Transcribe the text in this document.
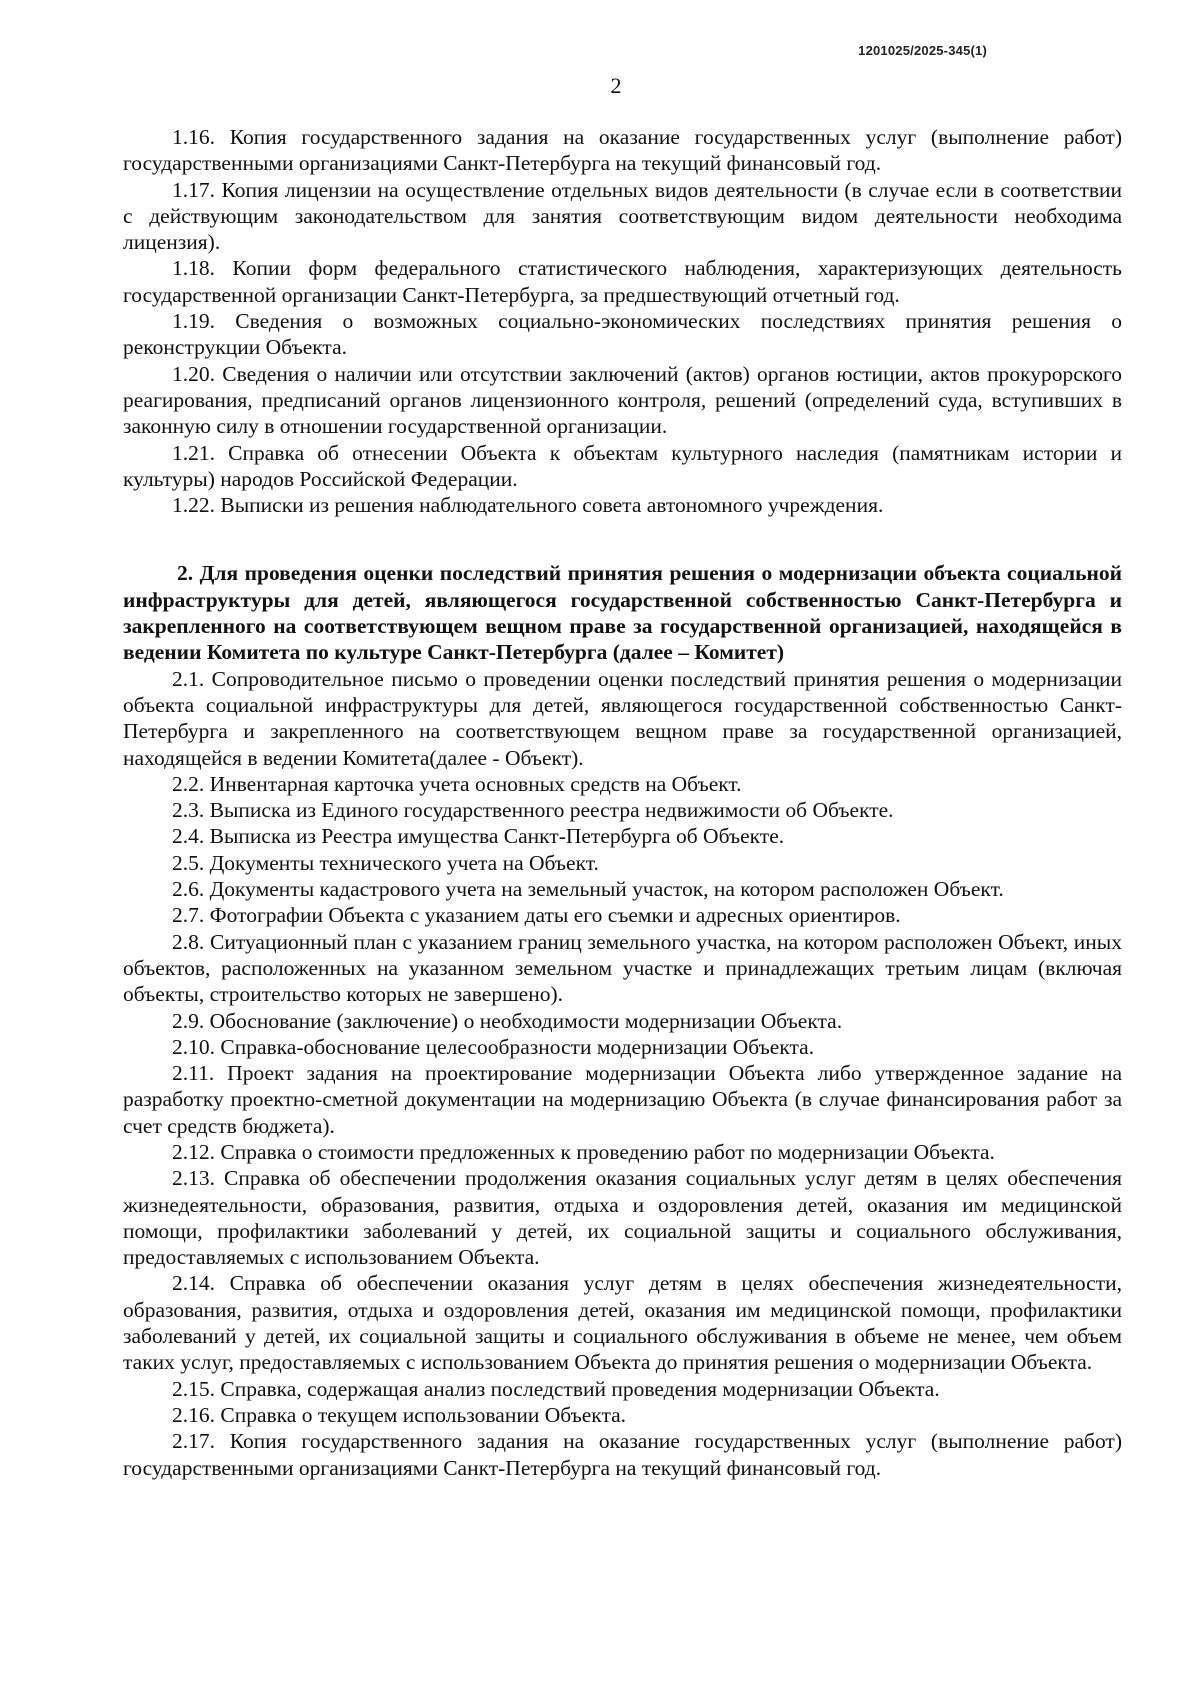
1201025/2025-345(1)
2

1.16. Копия государственного задания на оказание государственных услуг (выполнение работ) государственными организациями Санкт-Петербурга на текущий финансовый год.

1.17. Копия лицензии на осуществление отдельных видов деятельности (в случае если в соответствии с действующим законодательством для занятия соответствующим видом деятельности необходима лицензия).

1.18. Копии форм федерального статистического наблюдения, характеризующих деятельность государственной организации Санкт-Петербурга, за предшествующий отчетный год.

1.19. Сведения о возможных социально-экономических последствиях принятия решения о реконструкции Объекта.

1.20. Сведения о наличии или отсутствии заключений (актов) органов юстиции, актов прокурорского реагирования, предписаний органов лицензионного контроля, решений (определений суда, вступивших в законную силу в отношении государственной организации.

1.21. Справка об отнесении Объекта к объектам культурного наследия (памятникам истории и культуры) народов Российской Федерации.

1.22. Выписки из решения наблюдательного совета автономного учреждения.

2. Для проведения оценки последствий принятия решения о модернизации объекта социальной инфраструктуры для детей, являющегося государственной собственностью Санкт-Петербурга и закрепленного на соответствующем вещном праве за государственной организацией, находящейся в ведении Комитета по культуре Санкт-Петербурга (далее – Комитет)

2.1. Сопроводительное письмо о проведении оценки последствий принятия решения о модернизации объекта социальной инфраструктуры для детей, являющегося государственной собственностью Санкт-Петербурга и закрепленного на соответствующем вещном праве за государственной организацией, находящейся в ведении Комитета(далее - Объект).

2.2. Инвентарная карточка учета основных средств на Объект.

2.3. Выписка из Единого государственного реестра недвижимости об Объекте.

2.4. Выписка из Реестра имущества Санкт-Петербурга об Объекте.

2.5. Документы технического учета на Объект.

2.6. Документы кадастрового учета на земельный участок, на котором расположен Объект.

2.7. Фотографии Объекта с указанием даты его съемки и адресных ориентиров.

2.8. Ситуационный план с указанием границ земельного участка, на котором расположен Объект, иных объектов, расположенных на указанном земельном участке и принадлежащих третьим лицам (включая объекты, строительство которых не завершено).

2.9. Обоснование (заключение) о необходимости модернизации Объекта.

2.10. Справка-обоснование целесообразности модернизации Объекта.

2.11. Проект задания на проектирование модернизации Объекта либо утвержденное задание на разработку проектно-сметной документации на модернизацию Объекта (в случае финансирования работ за счет средств бюджета).

2.12. Справка о стоимости предложенных к проведению работ по модернизации Объекта.

2.13. Справка об обеспечении продолжения оказания социальных услуг детям в целях обеспечения жизнедеятельности, образования, развития, отдыха и оздоровления детей, оказания им медицинской помощи, профилактики заболеваний у детей, их социальной защиты и социального обслуживания, предоставляемых с использованием Объекта.

2.14. Справка об обеспечении оказания услуг детям в целях обеспечения жизнедеятельности, образования, развития, отдыха и оздоровления детей, оказания им медицинской помощи, профилактики заболеваний у детей, их социальной защиты и социального обслуживания в объеме не менее, чем объем таких услуг, предоставляемых с использованием Объекта до принятия решения о модернизации Объекта.

2.15. Справка, содержащая анализ последствий проведения модернизации Объекта.

2.16. Справка о текущем использовании Объекта.

2.17. Копия государственного задания на оказание государственных услуг (выполнение работ) государственными организациями Санкт-Петербурга на текущий финансовый год.
